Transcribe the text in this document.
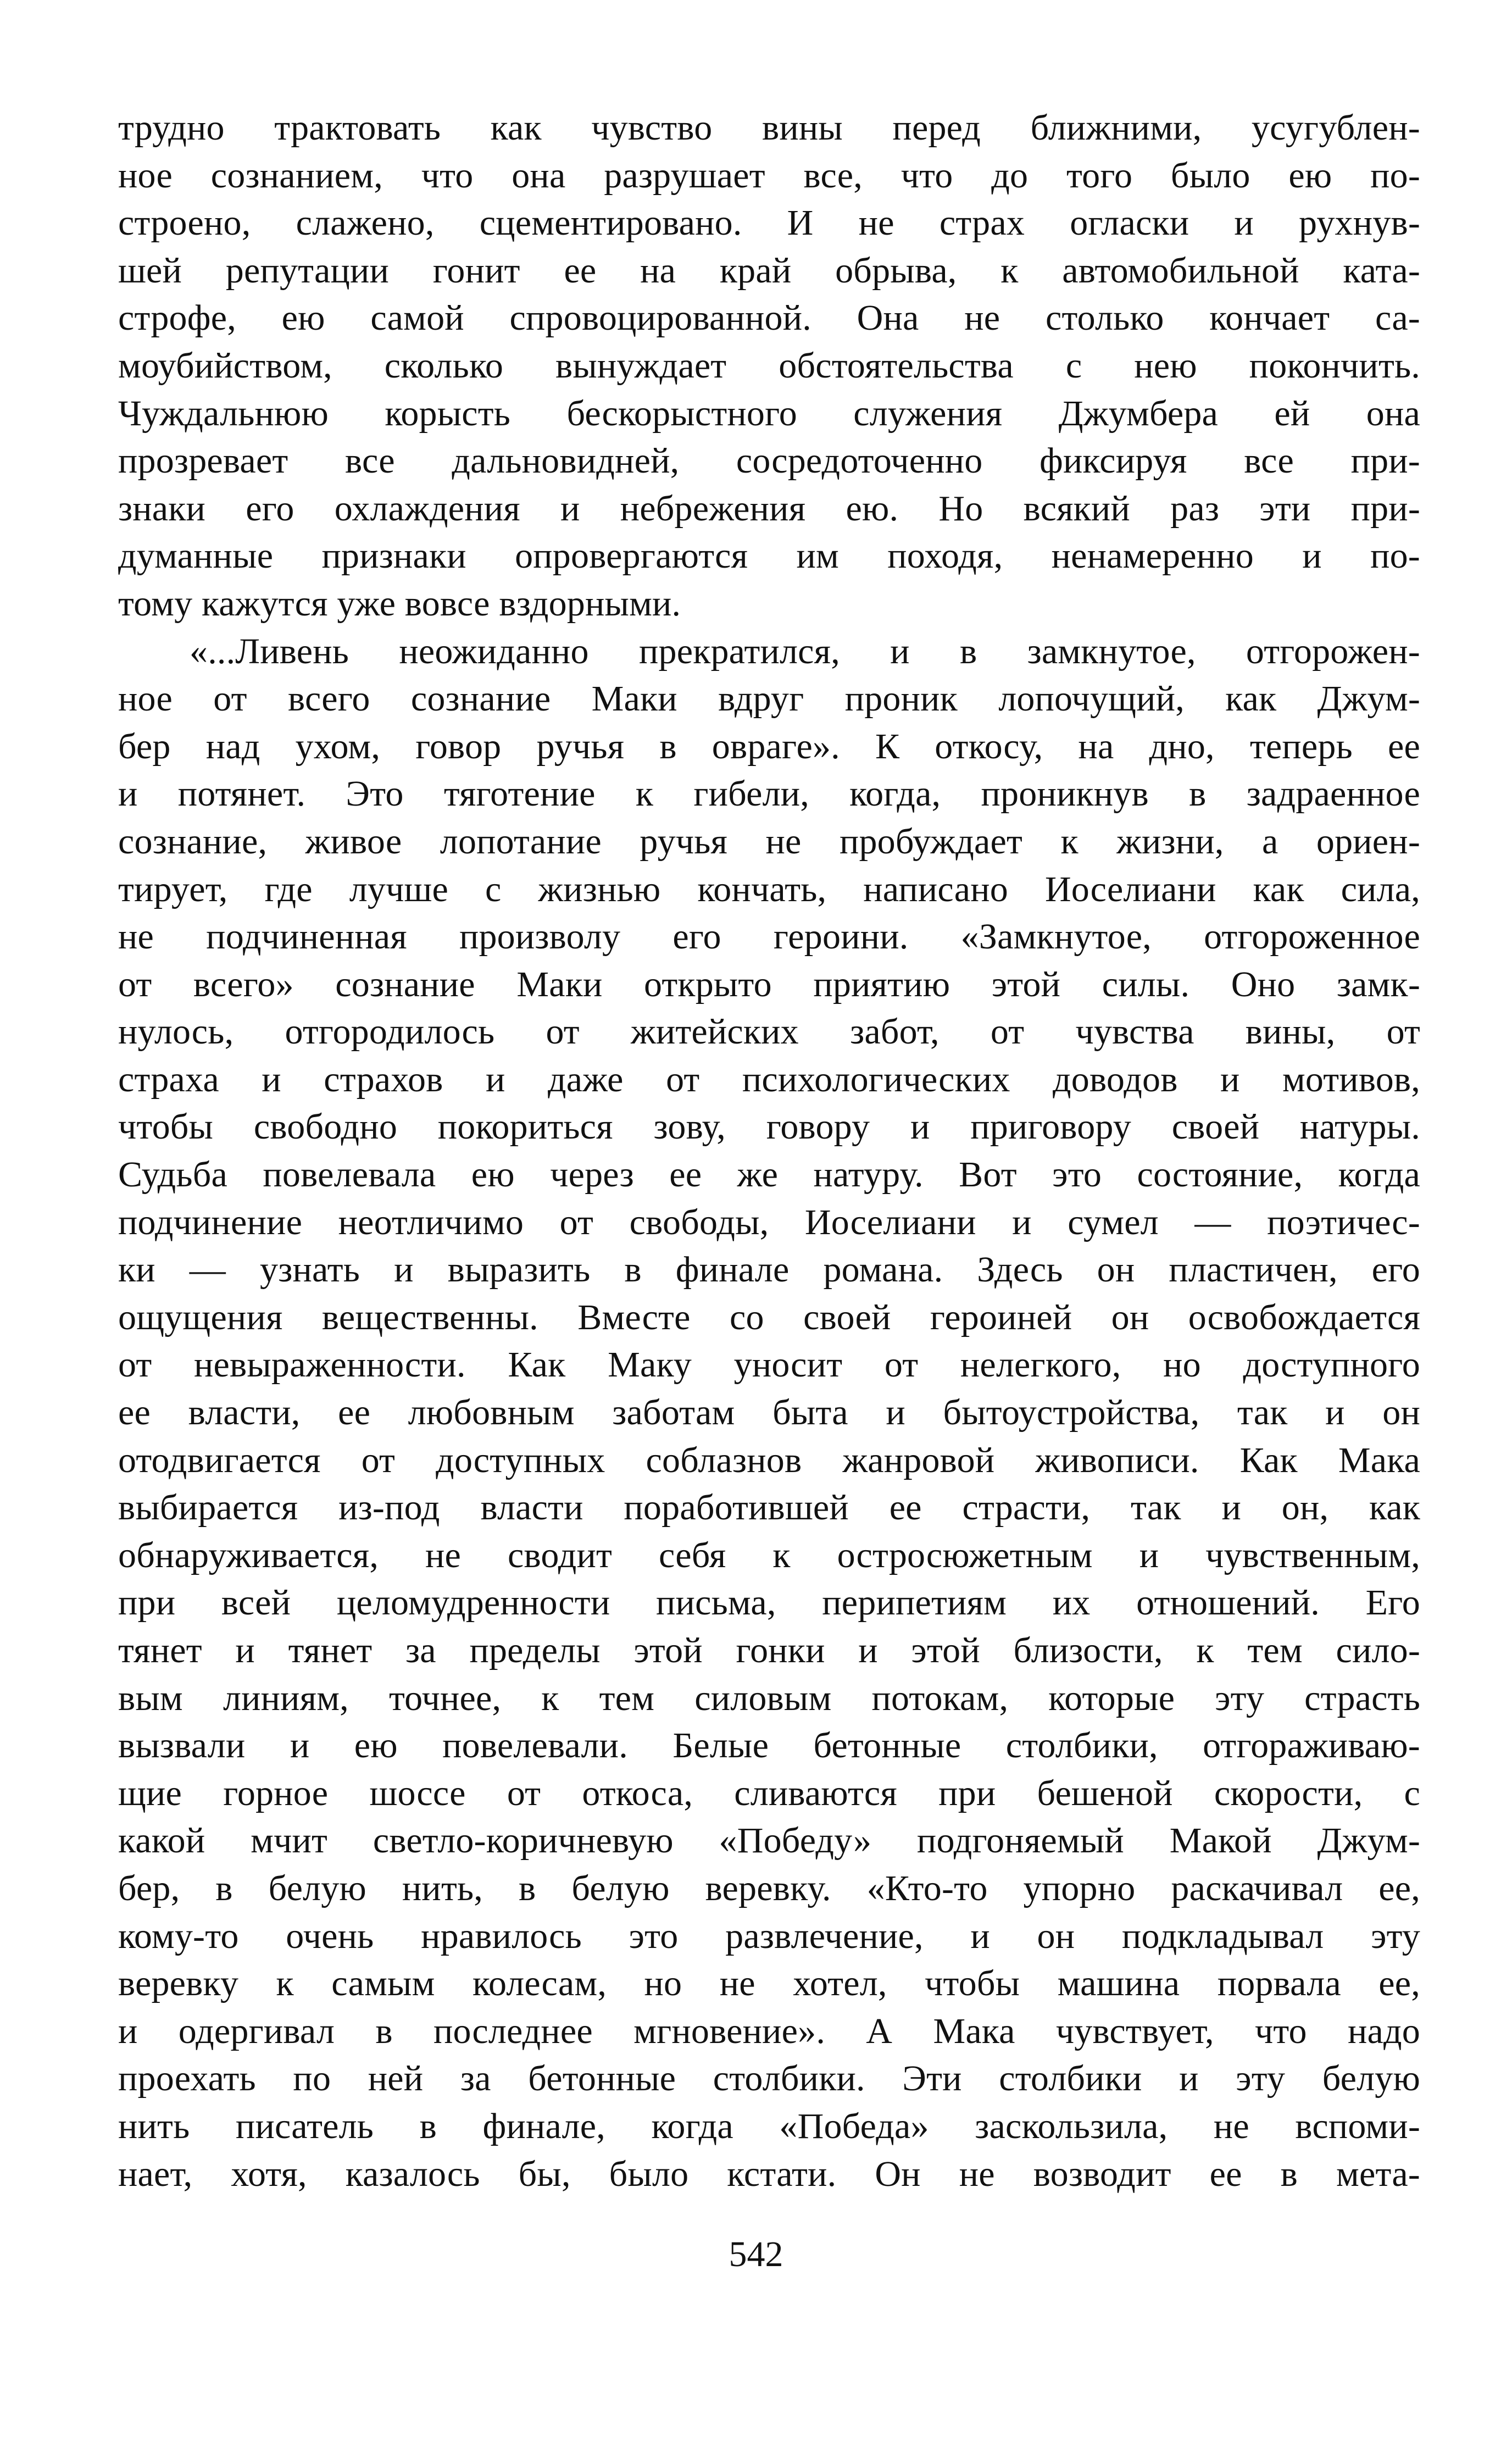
трудно трактовать как чувство вины перед ближними, усугублен-
ное сознанием, что она разрушает все, что до того было ею по-
строено, слажено, сцементировано. И не страх огласки и рухнув-
шей репутации гонит ее на край обрыва, к автомобильной ката-
строфе, ею самой спровоцированной. Она не столько кончает са-
моубийством, сколько вынуждает обстоятельства с нею покончить.
Чуждальнюю корысть бескорыстного служения Джумбера ей она
прозревает все дальновидней, сосредоточенно фиксируя все при-
знаки его охлаждения и небрежения ею. Но всякий раз эти при-
думанные признаки опровергаются им походя, ненамеренно и по-
тому кажутся уже вовсе вздорными.
«...Ливень неожиданно прекратился, и в замкнутое, отгорожен-
ное от всего сознание Маки вдруг проник лопочущий, как Джум-
бер над ухом, говор ручья в овраге». К откосу, на дно, теперь ее
и потянет. Это тяготение к гибели, когда, проникнув в задраенное
сознание, живое лопотание ручья не пробуждает к жизни, а ориен-
тирует, где лучше с жизнью кончать, написано Иоселиани как сила,
не подчиненная произволу его героини. «Замкнутое, отгороженное
от всего» сознание Маки открыто приятию этой силы. Оно замк-
нулось, отгородилось от житейских забот, от чувства вины, от
страха и страхов и даже от психологических доводов и мотивов,
чтобы свободно покориться зову, говору и приговору своей натуры.
Судьба повелевала ею через ее же натуру. Вот это состояние, когда
подчинение неотличимо от свободы, Иоселиани и сумел — поэтичес-
ки — узнать и выразить в финале романа. Здесь он пластичен, его
ощущения вещественны. Вместе со своей героиней он освобождается
от невыраженности. Как Маку уносит от нелегкого, но доступного
ее власти, ее любовным заботам быта и бытоустройства, так и он
отодвигается от доступных соблазнов жанровой живописи. Как Мака
выбирается из-под власти поработившей ее страсти, так и он, как
обнаруживается, не сводит себя к остросюжетным и чувственным,
при всей целомудренности письма, перипетиям их отношений. Его
тянет и тянет за пределы этой гонки и этой близости, к тем сило-
вым линиям, точнее, к тем силовым потокам, которые эту страсть
вызвали и ею повелевали. Белые бетонные столбики, отгораживаю-
щие горное шоссе от откоса, сливаются при бешеной скорости, с
какой мчит светло-коричневую «Победу» подгоняемый Макой Джум-
бер, в белую нить, в белую веревку. «Кто-то упорно раскачивал ее,
кому-то очень нравилось это развлечение, и он подкладывал эту
веревку к самым колесам, но не хотел, чтобы машина порвала ее,
и одергивал в последнее мгновение». А Мака чувствует, что надо
проехать по ней за бетонные столбики. Эти столбики и эту белую
нить писатель в финале, когда «Победа» заскользила, не вспоми-
нает, хотя, казалось бы, было кстати. Он не возводит ее в мета-
542
